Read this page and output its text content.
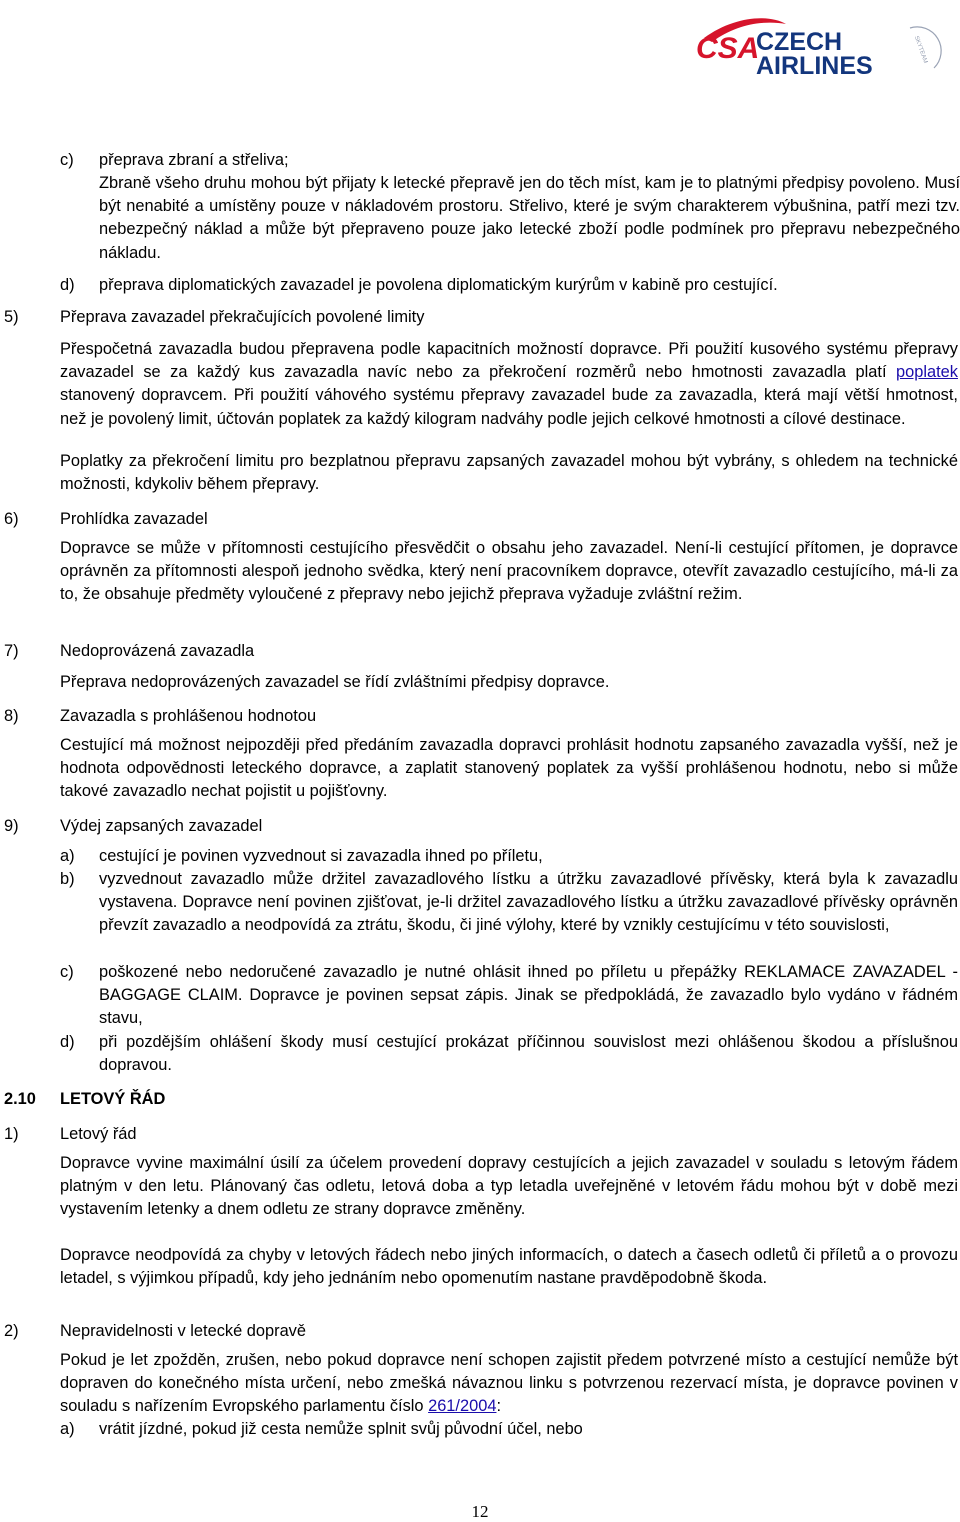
CSA
CZECH
AIRLINES
SKYTEAM

c) přeprava zbraní a střeliva;

Zbraně všeho druhu mohou být přijaty k letecké přepravě jen do těch míst, kam je to platnými předpisy povoleno. Musí být nenabité a umístěny pouze v nákladovém prostoru. Střelivo, které je svým charakterem výbušnina, patří mezi tzv. nebezpečný náklad a může být přepraveno pouze jako letecké zboží podle podmínek pro přepravu nebezpečného nákladu.

d) přeprava diplomatických zavazadel je povolena diplomatickým kurýrům v kabině pro cestující.

5)	Přeprava zavazadel překračujících povolené limity

Přespočetná zavazadla budou přepravena podle kapacitních možností dopravce. Při použití kusového systému přepravy zavazadel se za každý kus zavazadla navíc nebo za překročení rozměrů nebo hmotnosti zavazadla platí poplatek stanovený dopravcem. Při použití váhového systému přepravy zavazadel bude za zavazadla, která mají větší hmotnost, než je povolený limit, účtován poplatek za každý kilogram nadváhy podle jejich celkové hmotnosti a cílové destinace.

Poplatky za překročení limitu pro bezplatnou přepravu zapsaných zavazadel mohou být vybrány, s ohledem na technické možnosti, kdykoliv během přepravy.

6)	Prohlídka zavazadel

Dopravce se může v přítomnosti cestujícího přesvědčit o obsahu jeho zavazadel. Není-li cestující přítomen, je dopravce oprávněn za přítomnosti alespoň jednoho svědka, který není pracovníkem dopravce, otevřít zavazadlo cestujícího, má-li za to, že obsahuje předměty vyloučené z přepravy nebo jejichž přeprava vyžaduje zvláštní režim.

7)	Nedoprovázená zavazadla

Přeprava nedoprovázených zavazadel se řídí zvláštními předpisy dopravce.

8)	Zavazadla s prohlášenou hodnotou

Cestující má možnost nejpozději před předáním zavazadla dopravci prohlásit hodnotu zapsaného zavazadla vyšší, než je hodnota odpovědnosti leteckého dopravce, a zaplatit stanovený poplatek za vyšší prohlášenou hodnotu, nebo si může takové zavazadlo nechat pojistit u pojišťovny.

9)	Výdej zapsaných zavazadel

a) cestující je povinen vyzvednout si zavazadla ihned po příletu,

b) vyzvednout zavazadlo může držitel zavazadlového lístku a útržku zavazadlové přívěsky, která byla k zavazadlu vystavena. Dopravce není povinen zjišťovat, je-li držitel zavazadlového lístku a útržku zavazadlové přívěsky oprávněn převzít zavazadlo a neodpovídá za ztrátu, škodu, či jiné výlohy, které by vznikly cestujícímu v této souvislosti,

c) poškozené nebo nedoručené zavazadlo je nutné ohlásit ihned po příletu u přepážky REKLAMACE ZAVAZADEL - BAGGAGE CLAIM. Dopravce je povinen sepsat zápis. Jinak se předpokládá, že zavazadlo bylo vydáno v řádném stavu,

d) při pozdějším ohlášení škody musí cestující prokázat příčinnou souvislost mezi ohlášenou škodou a příslušnou dopravou.

2.10 LETOVÝ ŘÁD

1)	Letový řád

Dopravce vyvine maximální úsilí za účelem provedení dopravy cestujících a jejich zavazadel v souladu s letovým řádem platným v den letu. Plánovaný čas odletu, letová doba a typ letadla uveřejněné v letovém řádu mohou být v době mezi vystavením letenky a dnem odletu ze strany dopravce změněny.

Dopravce neodpovídá za chyby v letových řádech nebo jiných informacích, o datech a časech odletů či příletů a o provozu letadel, s výjimkou případů, kdy jeho jednáním nebo opomenutím nastane pravděpodobně škoda.

2)	Nepravidelnosti v letecké dopravě

Pokud je let zpožděn, zrušen, nebo pokud dopravce není schopen zajistit předem potvrzené místo a cestující nemůže být dopraven do konečného místa určení, nebo zmešká návaznou linku s potvrzenou rezervací místa, je dopravce povinen v souladu s nařízením Evropského parlamentu číslo 261/2004:

a) vrátit jízdné, pokud již cesta nemůže splnit svůj původní účel, nebo

12
